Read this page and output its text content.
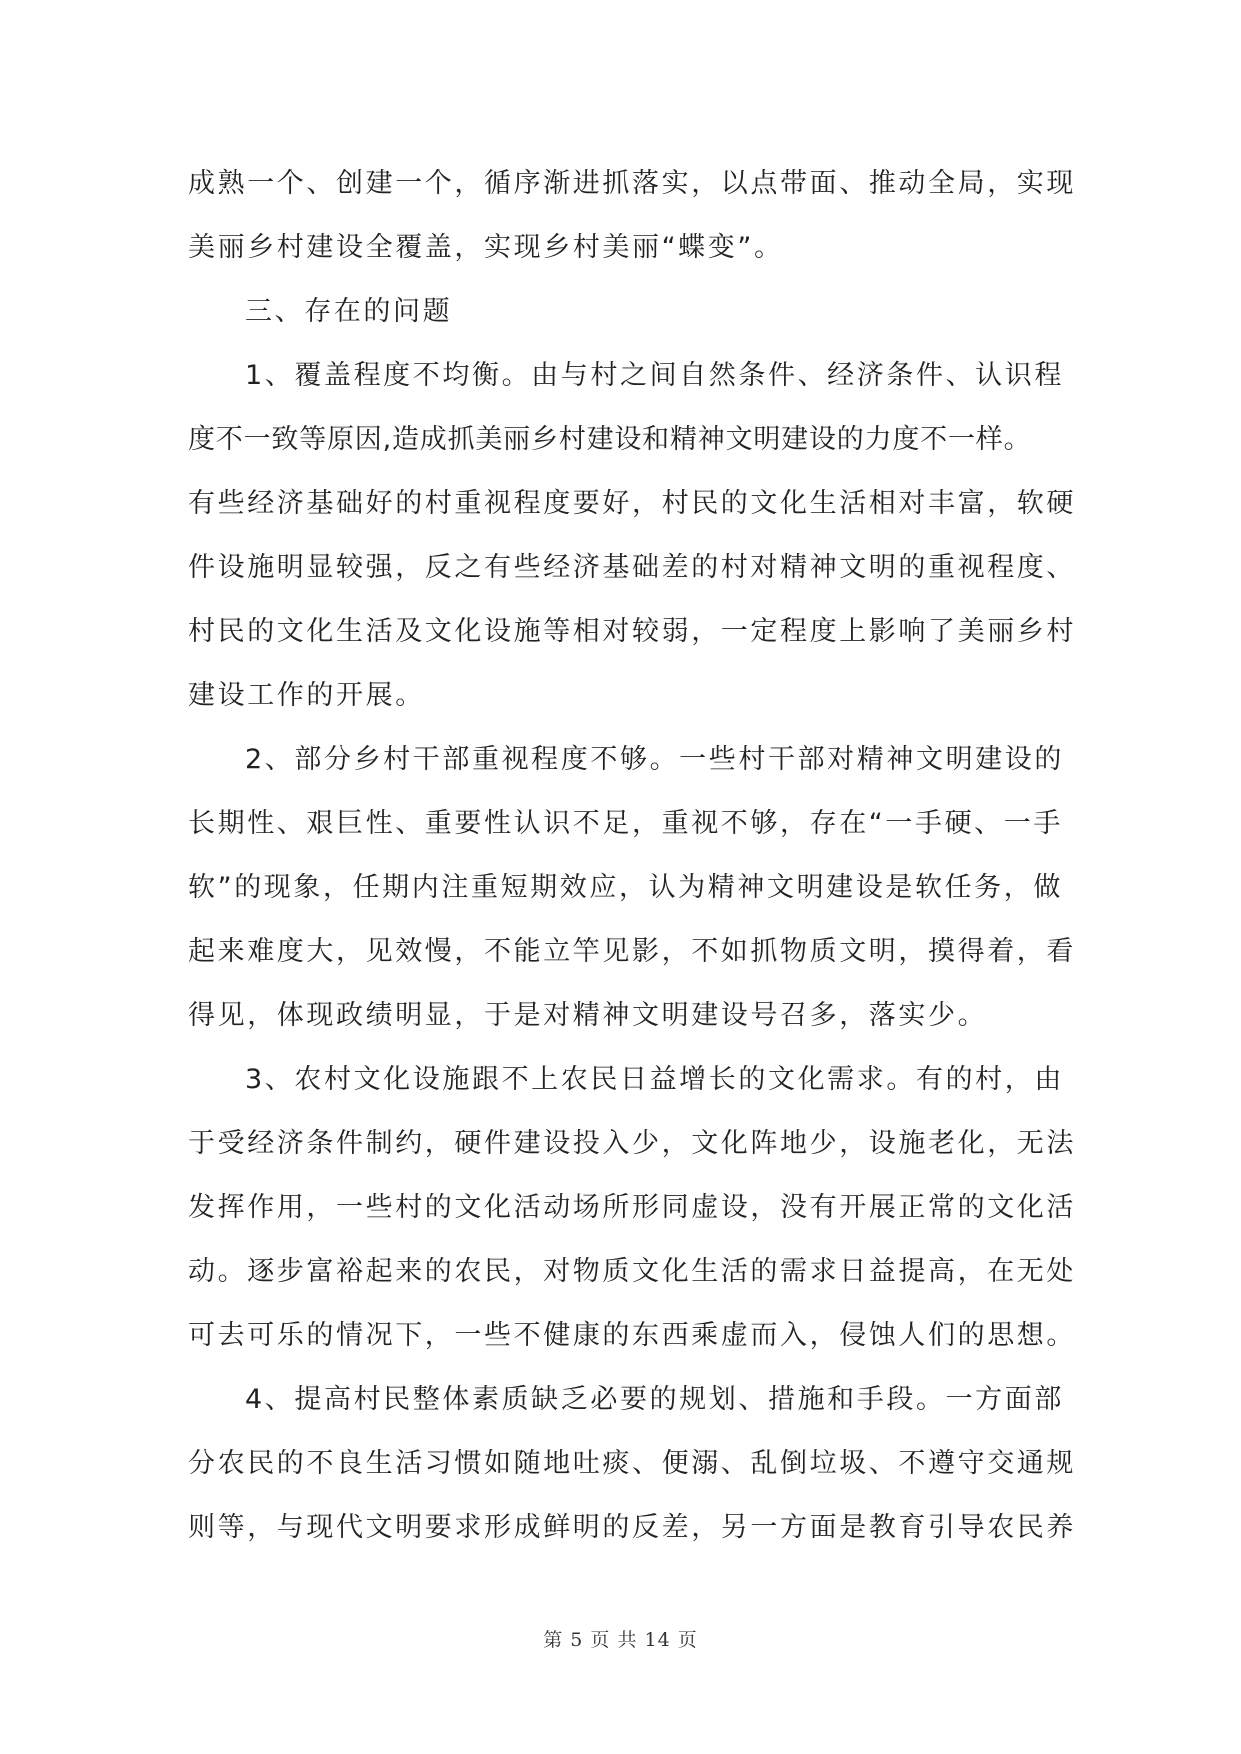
成熟一个、创建一个，循序渐进抓落实，以点带面、推动全局，实现
美丽乡村建设全覆盖，实现乡村美丽“蝶变”。
三、存在的问题
1、覆盖程度不均衡。由与村之间自然条件、经济条件、认识程
度不一致等原因,造成抓美丽乡村建设和精神文明建设的力度不一样。
有些经济基础好的村重视程度要好，村民的文化生活相对丰富，软硬
件设施明显较强，反之有些经济基础差的村对精神文明的重视程度、
村民的文化生活及文化设施等相对较弱，一定程度上影响了美丽乡村
建设工作的开展。
2、部分乡村干部重视程度不够。一些村干部对精神文明建设的
长期性、艰巨性、重要性认识不足，重视不够，存在“一手硬、一手
软”的现象，任期内注重短期效应，认为精神文明建设是软任务，做
起来难度大，见效慢，不能立竿见影，不如抓物质文明，摸得着，看
得见，体现政绩明显，于是对精神文明建设号召多，落实少。
3、农村文化设施跟不上农民日益增长的文化需求。有的村，由
于受经济条件制约，硬件建设投入少，文化阵地少，设施老化，无法
发挥作用，一些村的文化活动场所形同虚设，没有开展正常的文化活
动。逐步富裕起来的农民，对物质文化生活的需求日益提高，在无处
可去可乐的情况下，一些不健康的东西乘虚而入，侵蚀人们的思想。
4、提高村民整体素质缺乏必要的规划、措施和手段。一方面部
分农民的不良生活习惯如随地吐痰、便溺、乱倒垃圾、不遵守交通规
则等，与现代文明要求形成鲜明的反差，另一方面是教育引导农民养
第 5 页 共 14 页
